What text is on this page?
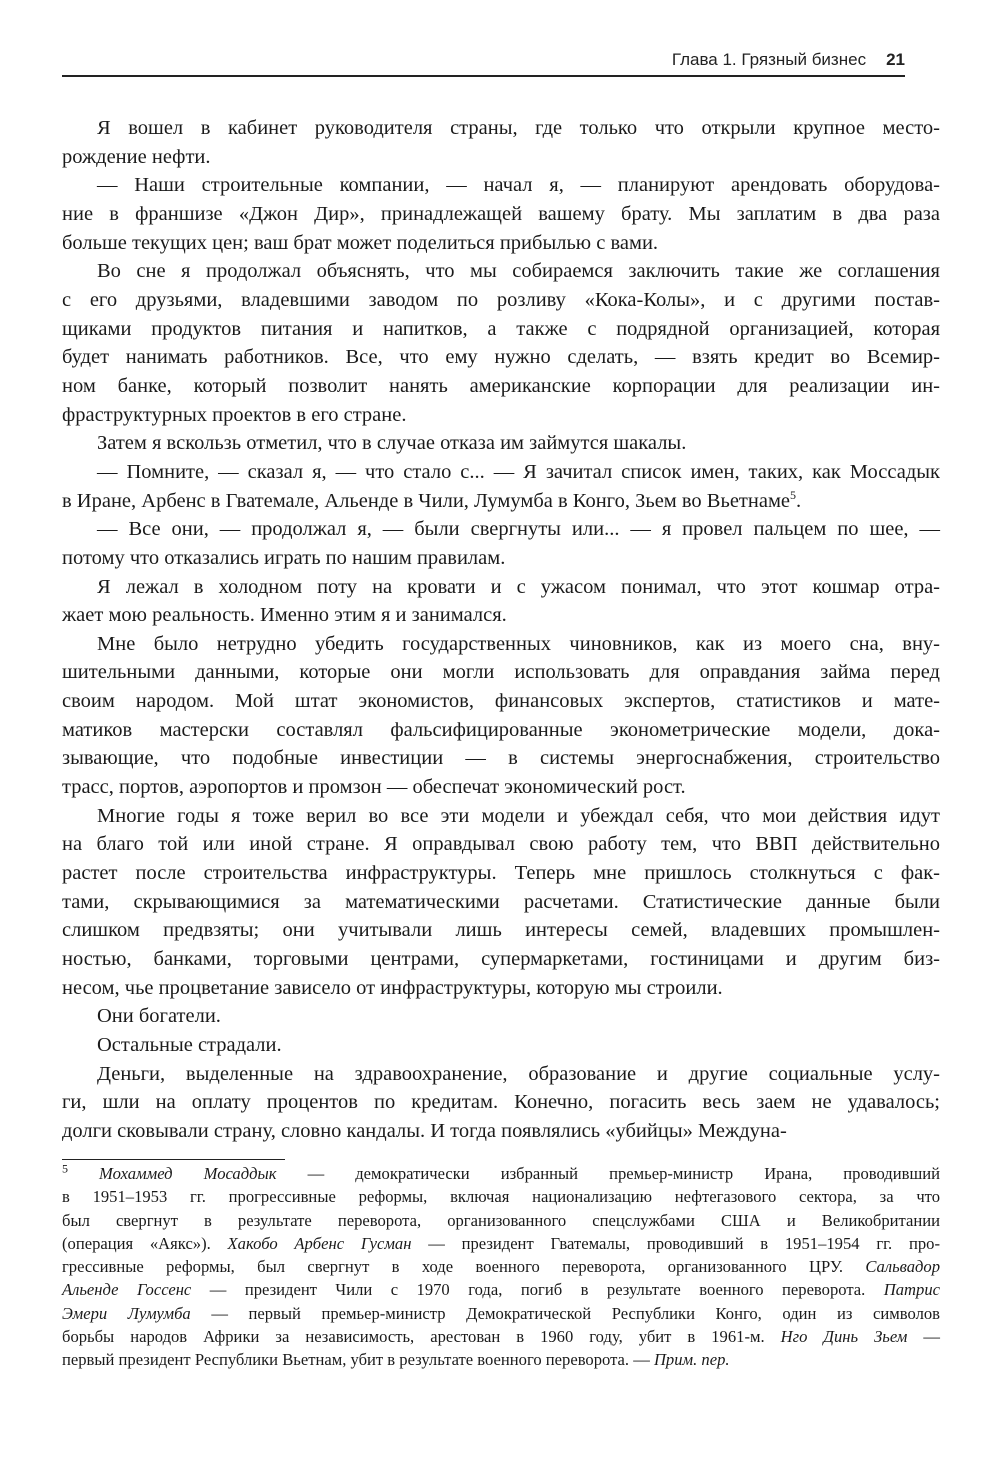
Глава 1. Грязный бизнес 21
Я вошел в кабинет руководителя страны, где только что открыли крупное место-
рождение нефти.
— Наши строительные компании, — начал я, — планируют арендовать оборудова-
ние в франшизе «Джон Дир», принадлежащей вашему брату. Мы заплатим в два раза
больше текущих цен; ваш брат может поделиться прибылью с вами.
Во сне я продолжал объяснять, что мы собираемся заключить такие же соглашения
с его друзьями, владевшими заводом по розливу «Кока-Колы», и с другими постав-
щиками продуктов питания и напитков, а также с подрядной организацией, которая
будет нанимать работников. Все, что ему нужно сделать, — взять кредит во Всемир-
ном банке, который позволит нанять американские корпорации для реализации ин-
фраструктурных проектов в его стране.
Затем я вскользь отметил, что в случае отказа им займутся шакалы.
— Помните, — сказал я, — что стало с... — Я зачитал список имен, таких, как Моссадык
в Иране, Арбенс в Гватемале, Альенде в Чили, Лумумба в Конго, Зьем во Вьетнаме$^5$.
— Все они, — продолжал я, — были свергнуты или... — я провел пальцем по шее, —
потому что отказались играть по нашим правилам.
Я лежал в холодном поту на кровати и с ужасом понимал, что этот кошмар отра-
жает мою реальность. Именно этим я и занимался.
Мне было нетрудно убедить государственных чиновников, как из моего сна, вну-
шительными данными, которые они могли использовать для оправдания займа перед
своим народом. Мой штат экономистов, финансовых экспертов, статистиков и мате-
матиков мастерски составлял фальсифицированные эконометрические модели, дока-
зывающие, что подобные инвестиции — в системы энергоснабжения, строительство
трасс, портов, аэропортов и промзон — обеспечат экономический рост.
Многие годы я тоже верил во все эти модели и убеждал себя, что мои действия идут
на благо той или иной стране. Я оправдывал свою работу тем, что ВВП действительно
растет после строительства инфраструктуры. Теперь мне пришлось столкнуться с фак-
тами, скрывающимися за математическими расчетами. Статистические данные были
слишком предвзяты; они учитывали лишь интересы семей, владевших промышлен-
ностью, банками, торговыми центрами, супермаркетами, гостиницами и другим биз-
несом, чье процветание зависело от инфраструктуры, которую мы строили.
Они богатели.
Остальные страдали.
Деньги, выделенные на здравоохранение, образование и другие социальные услу-
ги, шли на оплату процентов по кредитам. Конечно, погасить весь заем не удавалось;
долги сковывали страну, словно кандалы. И тогда появлялись «убийцы» Междуна-
$^5$ Мохаммед Мосаддык — демократически избранный премьер-министр Ирана, проводивший
в 1951–1953 гг. прогрессивные реформы, включая национализацию нефтегазового сектора, за что
был свергнут в результате переворота, организованного спецслужбами США и Великобритании
(операция «Аякс»). Хакобо Арбенс Гусман — президент Гватемалы, проводивший в 1951–1954 гг. про-
грессивные реформы, был свергнут в ходе военного переворота, организованного ЦРУ. Сальвадор
Альенде Госсенс — президент Чили с 1970 года, погиб в результате военного переворота. Патрис
Эмери Лумумба — первый премьер-министр Демократической Республики Конго, один из символов
борьбы народов Африки за независимость, арестован в 1960 году, убит в 1961-м. Нго Динь Зьем —
первый президент Республики Вьетнам, убит в результате военного переворота. — Прим. пер.
